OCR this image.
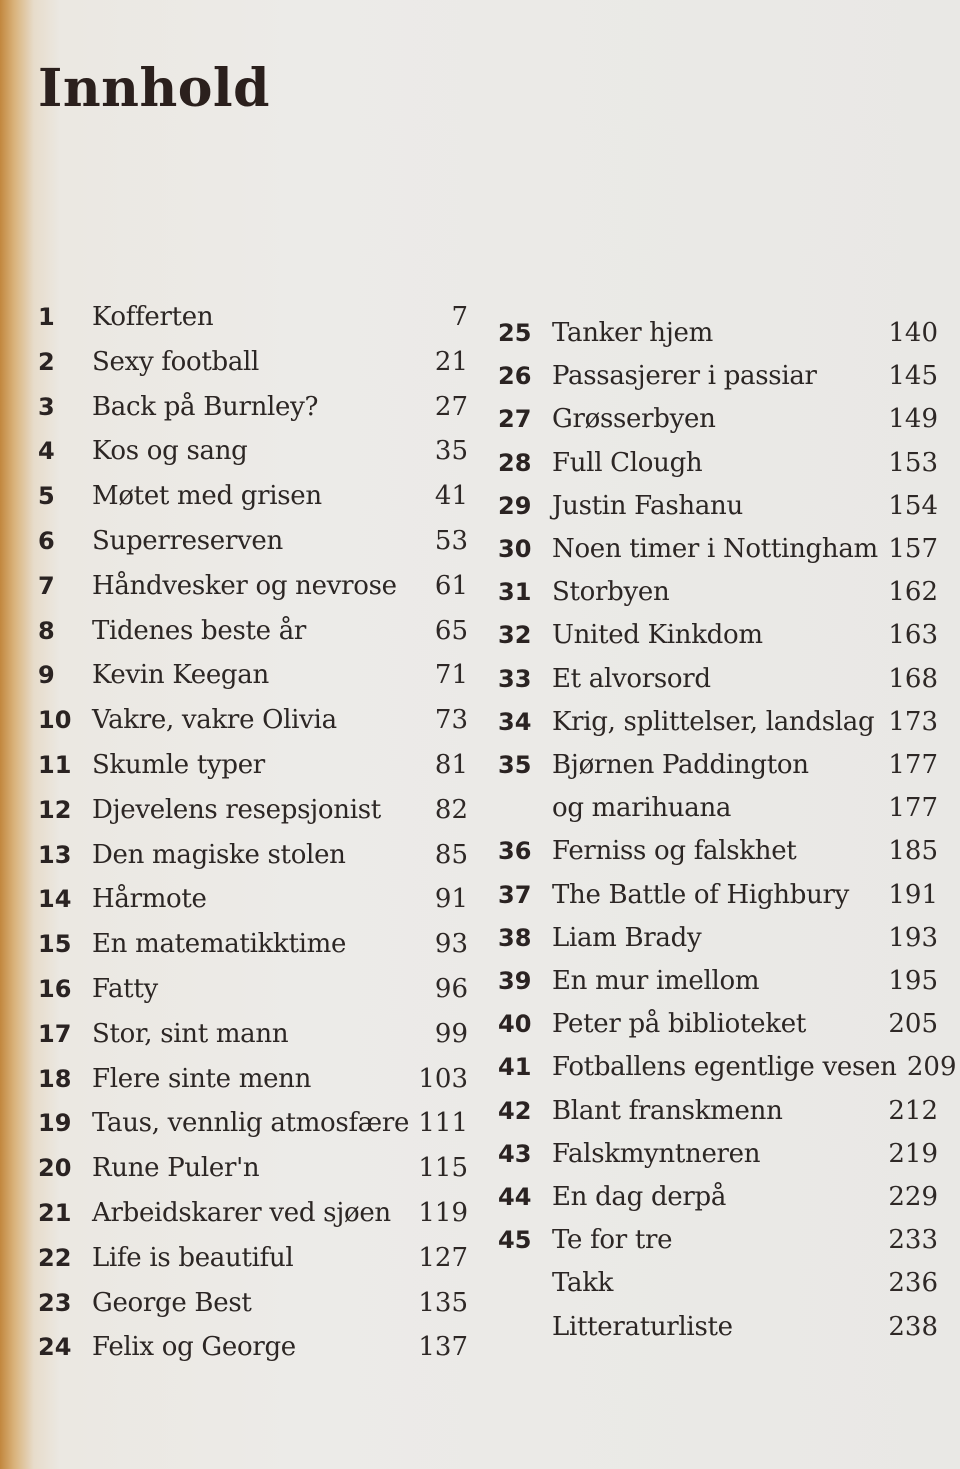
Innhold
1	Kofferten	7
2	Sexy football	21
3	Back på Burnley?	27
4	Kos og sang	35
5	Møtet med grisen	41
6	Superreserven	53
7	Håndvesker og nevrose	61
8	Tidenes beste år	65
9	Kevin Keegan	71
10 Vakre, vakre Olivia	73
11 Skumle typer	81
12 Djevelens resepsjonist	82
13 Den magiske stolen	85
14 Hårmote	91
15 En matematikktime	93
16 Fatty	96
17 Stor, sint mann	99
18 Flere sinte menn	103
19 Taus, vennlig atmosfære 111
20 Rune Puler'n	115
21 Arbeidskarer ved sjøen	119
22 Life is beautiful	127
23 George Best	135
24 Felix og George	137
25 Tanker hjem	140
26 Passasjerer i passiar	145
27 Grøsserbyen	149
28 Full Clough	153
29 Justin Fashanu	154
30 Noen timer i Nottingham 157
31 Storbyen	162
32 United Kinkdom	163
33 Et alvorsord	168
34 Krig, splittelser, landslag 173
35 Bjørnen Paddington	177
og marihuana	177
36 Ferniss og falskhet	185
37 The Battle of Highbury	191
38 Liam Brady	193
39 En mur imellom	195
40 Peter på biblioteket	205
41 Fotballens egentlige vesen 209
42 Blant franskmenn	212
43 Falskmyntneren	219
44 En dag derpå	229
45 Te for tre	233
Takk	236
Litteraturliste	238
